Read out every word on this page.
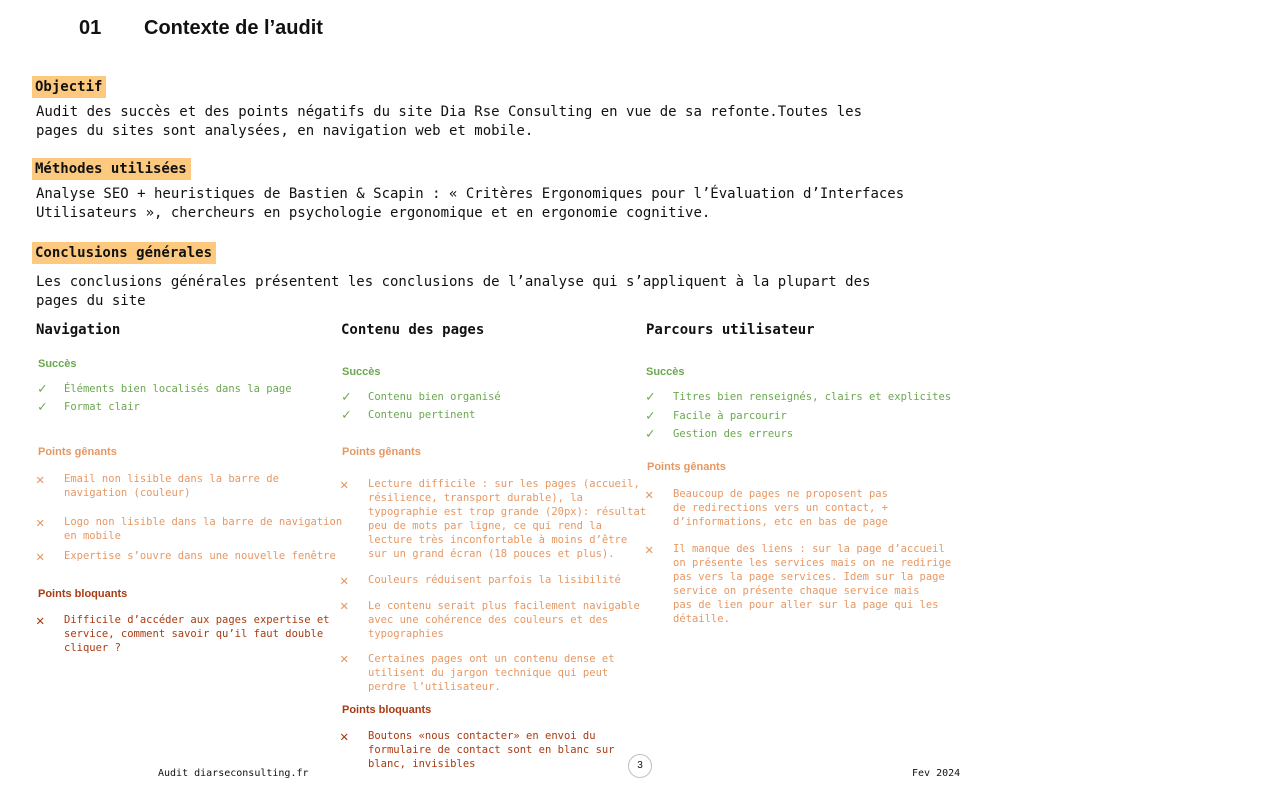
01 Contexte de l’audit
Objectif
Audit des succès et des points négatifs du site Dia Rse Consulting en vue de sa refonte.Toutes les
pages du sites sont analysées, en navigation web et mobile.
Méthodes utilisées
Analyse SEO + heuristiques de Bastien & Scapin : « Critères Ergonomiques pour l’Évaluation d’Interfaces
Utilisateurs », chercheurs en psychologie ergonomique et en ergonomie cognitive.
Conclusions générales
Les conclusions générales présentent les conclusions de l’analyse qui s’appliquent à la plupart des
pages du site
Navigation
Succès
✓ Éléments bien localisés dans la page
✓ Format clair
Points gênants
✕ Email non lisible dans la barre de
navigation (couleur)
✕ Logo non lisible dans la barre de navigation
en mobile
✕ Expertise s’ouvre dans une nouvelle fenêtre
Points bloquants
✕ Difficile d’accéder aux pages expertise et
service, comment savoir qu’il faut double
cliquer ?
Contenu des pages
Succès
✓ Contenu bien organisé
✓ Contenu pertinent
Points gênants
✕ Lecture difficile : sur les pages (accueil,
résilience, transport durable), la
typographie est trop grande (20px): résultat
peu de mots par ligne, ce qui rend la
lecture très inconfortable à moins d’être
sur un grand écran (18 pouces et plus).
✕ Couleurs réduisent parfois la lisibilité
✕ Le contenu serait plus facilement navigable
avec une cohérence des couleurs et des
typographies
✕ Certaines pages ont un contenu dense et
utilisent du jargon technique qui peut
perdre l’utilisateur.
Points bloquants
✕ Boutons «nous contacter» en envoi du
formulaire de contact sont en blanc sur
blanc, invisibles
Parcours utilisateur
Succès
✓ Titres bien renseignés, clairs et explicites
✓ Facile à parcourir
✓ Gestion des erreurs
Points gênants
✕ Beaucoup de pages ne proposent pas
de redirections vers un contact, +
d’informations, etc en bas de page
✕ Il manque des liens : sur la page d’accueil
on présente les services mais on ne redirige
pas vers la page services. Idem sur la page
service on présente chaque service mais
pas de lien pour aller sur la page qui les
détaille.
Audit diarseconsulting.fr
3
Fev 2024
